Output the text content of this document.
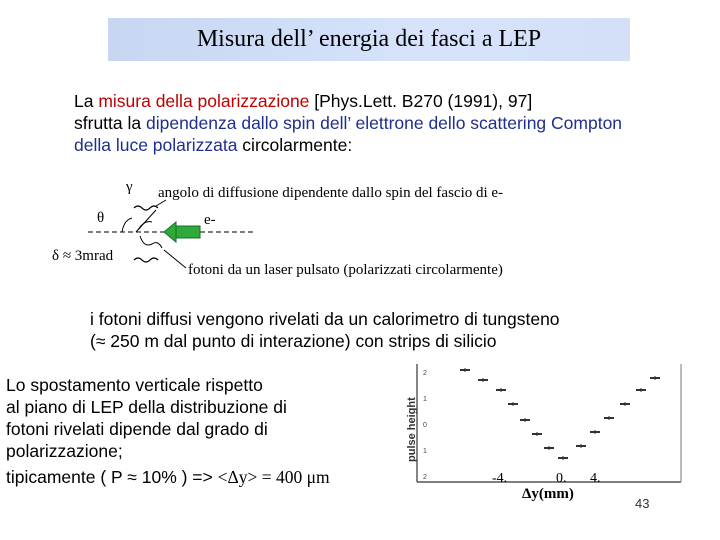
Misura dell’ energia dei fasci a LEP
La misura della polarizzazione [Phys.Lett. B270 (1991), 97]
sfrutta la dipendenza dallo spin dell’ elettrone dello scattering Compton
della luce polarizzata circolarmente:
γ
θ
δ ≈ 3mrad
angolo di diffusione dipendente dallo spin del fascio di e-
e-
fotoni da un laser pulsato (polarizzati circolarmente)
i fotoni diffusi vengono rivelati da un calorimetro di tungsteno
(≈ 250 m dal punto di interazione) con strips di silicio
Lo spostamento verticale rispetto
al piano di LEP della distribuzione di
fotoni rivelati dipende dal grado di
polarizzazione;
tipicamente ( P ≈ 10% ) => <Δy> = 400 μm
2
1
0
1
2
pulse height
-4.	0. 4.
Δy(mm)
43
